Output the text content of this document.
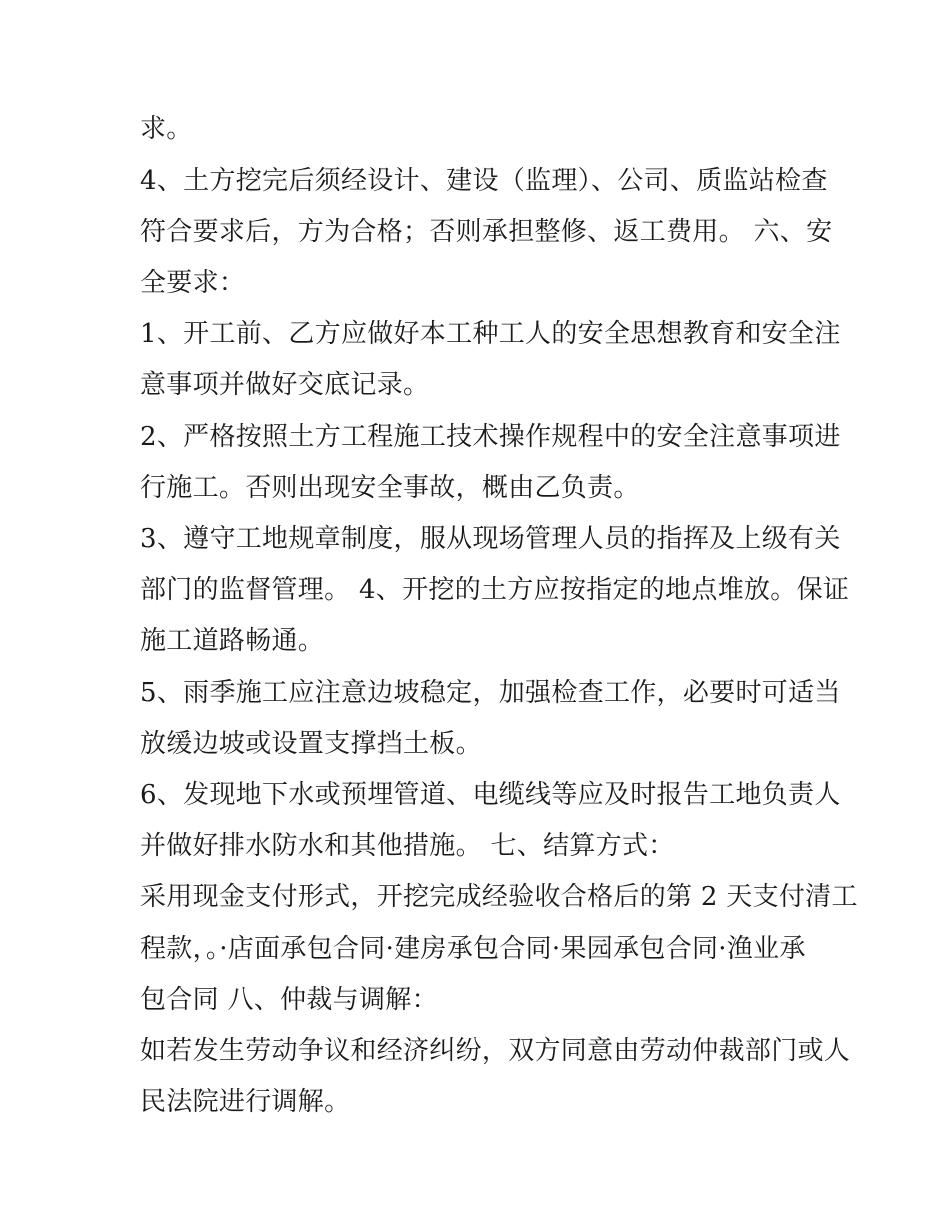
求。
4、土方挖完后须经设计、建设（监理）、公司、质监站检查
符合要求后，方为合格；否则承担整修、返工费用。 六、安
全要求：
1、开工前、乙方应做好本工种工人的安全思想教育和安全注
意事项并做好交底记录。
2、严格按照土方工程施工技术操作规程中的安全注意事项进
行施工。否则出现安全事故，概由乙负责。
3、遵守工地规章制度，服从现场管理人员的指挥及上级有关
部门的监督管理。 4、开挖的土方应按指定的地点堆放。保证
施工道路畅通。
5、雨季施工应注意边坡稳定，加强检查工作，必要时可适当
放缓边坡或设置支撑挡土板。
6、发现地下水或预埋管道、电缆线等应及时报告工地负责人
并做好排水防水和其他措施。 七、结算方式：
采用现金支付形式，开挖完成经验收合格后的第 2 天支付清工
程款，。·店面承包合同·建房承包合同·果园承包合同·渔业承
包合同 八、仲裁与调解：
如若发生劳动争议和经济纠纷，双方同意由劳动仲裁部门或人
民法院进行调解。
